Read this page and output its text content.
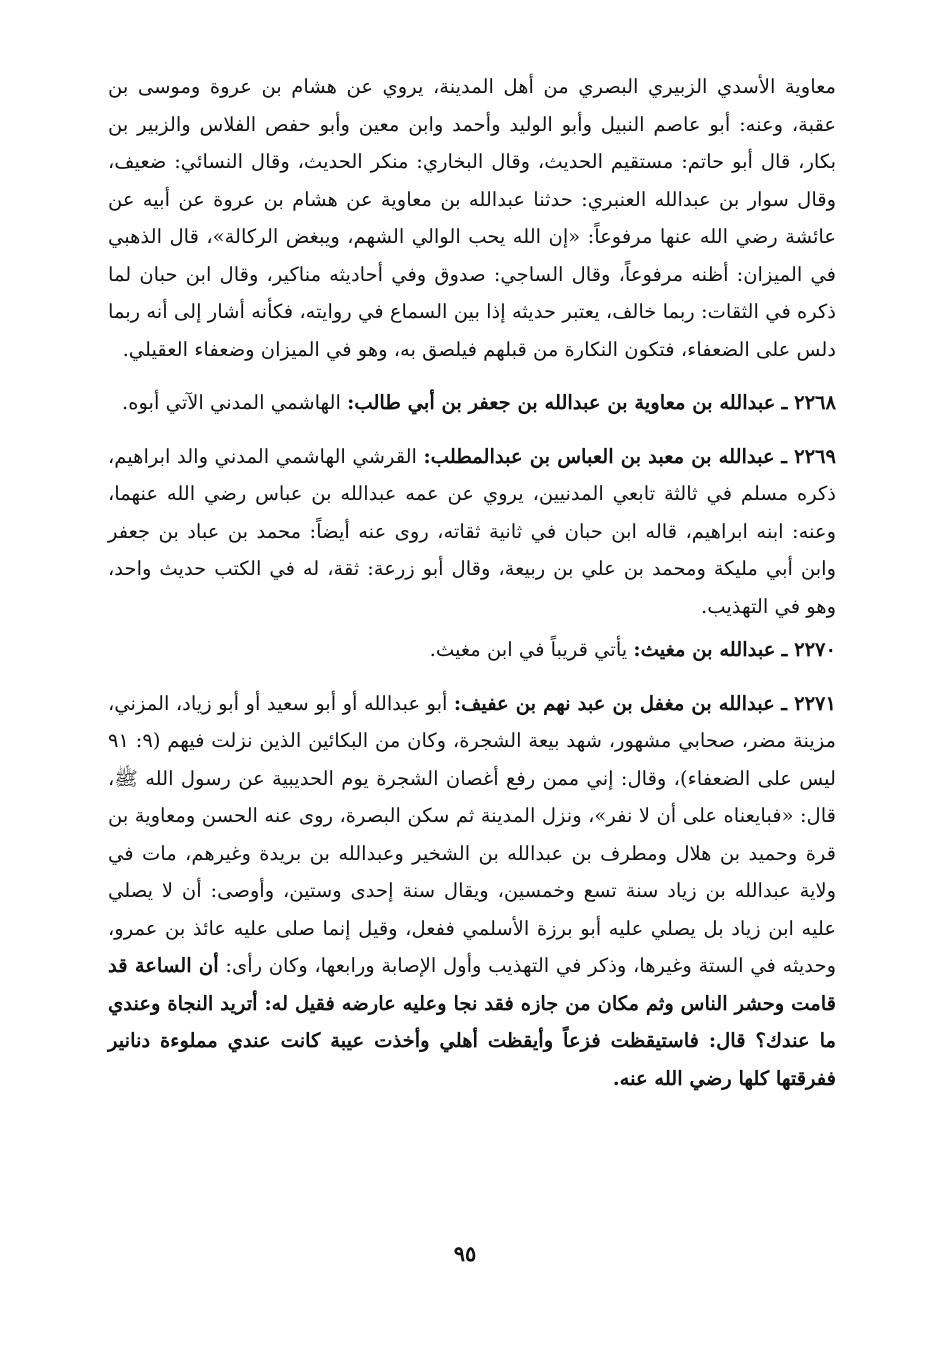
معاوية الأسدي الزبيري البصري من أهل المدينة، يروي عن هشام بن عروة وموسى بن عقبة، وعنه: أبو عاصم النبيل وأبو الوليد وأحمد وابن معين وأبو حفص الفلاس والزبير بن بكار، قال أبو حاتم: مستقيم الحديث، وقال البخاري: منكر الحديث، وقال النسائي: ضعيف، وقال سوار بن عبدالله العنبري: حدثنا عبدالله بن معاوية عن هشام بن عروة عن أبيه عن عائشة رضي الله عنها مرفوعاً: «إن الله يحب الوالي الشهم، ويبغض الركالة»، قال الذهبي في الميزان: أظنه مرفوعاً، وقال الساجي: صدوق وفي أحاديثه مناكير، وقال ابن حبان لما ذكره في الثقات: ربما خالف، يعتبر حديثه إذا بين السماع في روايته، فكأنه أشار إلى أنه ربما دلس على الضعفاء، فتكون النكارة من قبلهم فيلصق به، وهو في الميزان وضعفاء العقيلي.

٢٢٦٨ ـ عبدالله بن معاوية بن عبدالله بن جعفر بن أبي طالب: الهاشمي المدني الآتي أبوه.

٢٢٦٩ ـ عبدالله بن معبد بن العباس بن عبدالمطلب: القرشي الهاشمي المدني والد ابراهيم، ذكره مسلم في ثالثة تابعي المدنيين، يروي عن عمه عبدالله بن عباس رضي الله عنهما، وعنه: ابنه ابراهيم، قاله ابن حبان في ثانية ثقاته، روى عنه أيضاً: محمد بن عباد بن جعفر وابن أبي مليكة ومحمد بن علي بن ربيعة، وقال أبو زرعة: ثقة، له في الكتب حديث واحد، وهو في التهذيب.

٢٢٧٠ ـ عبدالله بن مغيث: يأتي قريباً في ابن مغيث.

٢٢٧١ ـ عبدالله بن مغفل بن عبد نهم بن عفيف: أبو عبدالله أو أبو سعيد أو أبو زياد، المزني، مزينة مضر، صحابي مشهور، شهد بيعة الشجرة، وكان من البكائين الذين نزلت فيهم (٩: ٩١ ليس على الضعفاء)، وقال: إني ممن رفع أغصان الشجرة يوم الحديبية عن رسول الله ﷺ، قال: «فبايعناه على أن لا نفر»، ونزل المدينة ثم سكن البصرة، روى عنه الحسن ومعاوية بن قرة وحميد بن هلال ومطرف بن عبدالله بن الشخير وعبدالله بن بريدة وغيرهم، مات في ولاية عبدالله بن زياد سنة تسع وخمسين، ويقال سنة إحدى وستين، وأوصى: أن لا يصلي عليه ابن زياد بل يصلي عليه أبو برزة الأسلمي ففعل، وقيل إنما صلى عليه عائذ بن عمرو، وحديثه في الستة وغيرها، وذكر في التهذيب وأول الإصابة ورابعها، وكان رأى: أن الساعة قد قامت وحشر الناس وثم مكان من جازه فقد نجا وعليه عارضه فقيل له: أتريد النجاة وعندي ما عندك؟ قال: فاستيقظت فزعاً وأيقظت أهلي وأخذت عيبة كانت عندي مملوءة دنانير ففرقتها كلها رضي الله عنه.

٩٥
